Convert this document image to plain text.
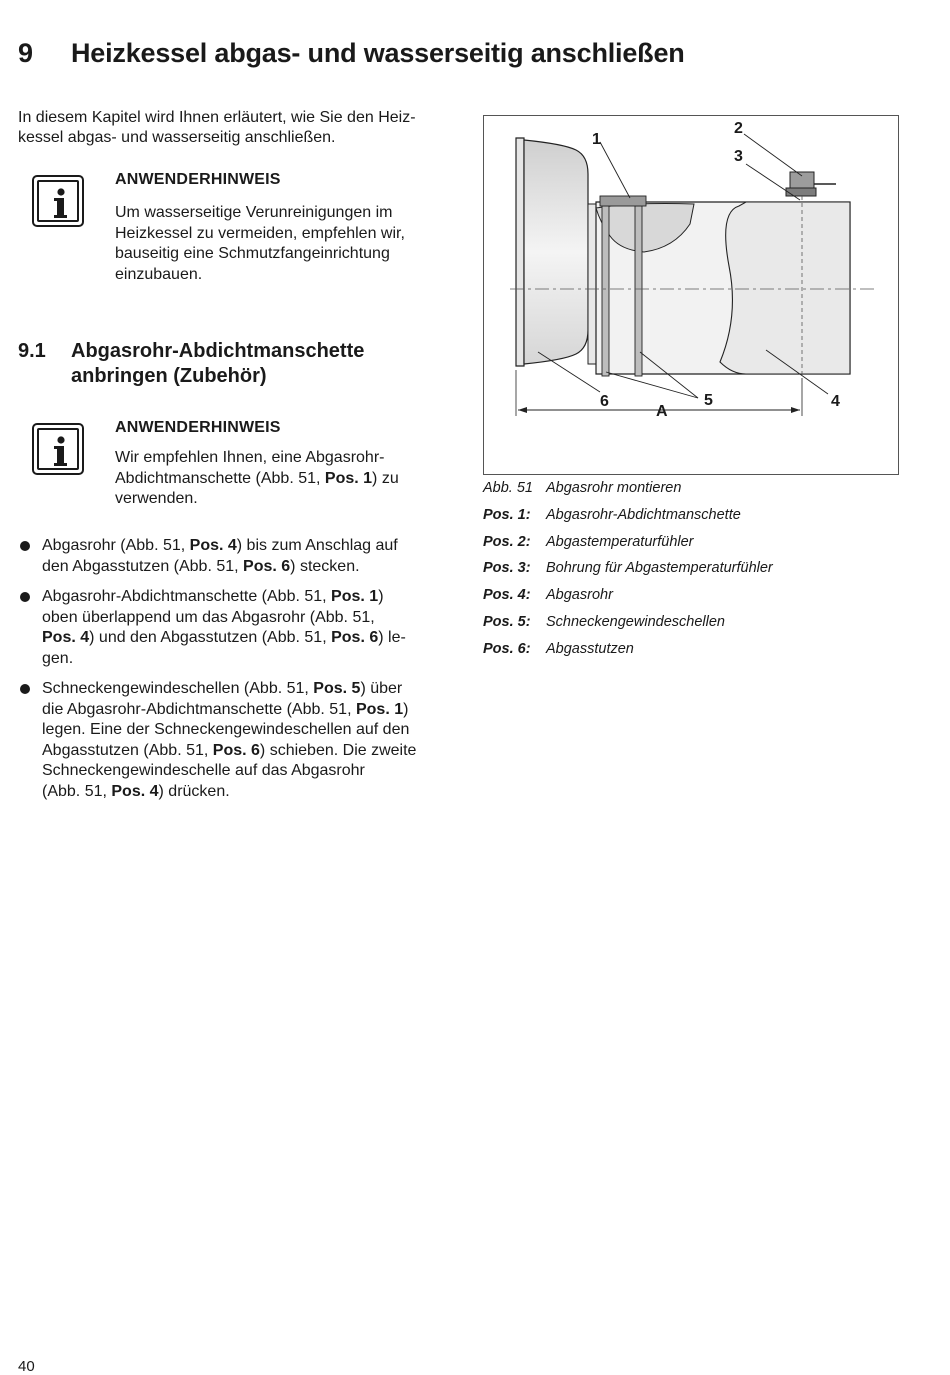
9 Heizkessel abgas- und wasserseitig anschließen
In diesem Kapitel wird Ihnen erläutert, wie Sie den Heiz-
kessel abgas- und wasserseitig anschließen.
ANWENDERHINWEIS
Um wasserseitige Verunreinigungen im
Heizkessel zu vermeiden, empfehlen wir,
bauseitig eine Schmutzfangeinrichtung
einzubauen.
9.1 Abgasrohr-Abdichtmanschette
anbringen (Zubehör)
ANWENDERHINWEIS
Wir empfehlen Ihnen, eine Abgasrohr-
Abdichtmanschette (Abb. 51, Pos. 1) zu
verwenden.
Abgasrohr (Abb. 51, Pos. 4) bis zum Anschlag auf
den Abgasstutzen (Abb. 51, Pos. 6) stecken.
Abgasrohr-Abdichtmanschette (Abb. 51, Pos. 1)
oben überlappend um das Abgasrohr (Abb. 51,
Pos. 4) und den Abgasstutzen (Abb. 51, Pos. 6) le-
gen.
Schneckengewindeschellen (Abb. 51, Pos. 5) über
die Abgasrohr-Abdichtmanschette (Abb. 51, Pos. 1)
legen. Eine der Schneckengewindeschellen auf den
Abgasstutzen (Abb. 51, Pos. 6) schieben. Die zweite
Schneckengewindeschelle auf das Abgasrohr
(Abb. 51, Pos. 4) drücken.
1
2
3
4
5
6
A
Abb. 51 Abgasrohr montieren
Pos. 1: Abgasrohr-Abdichtmanschette
Pos. 2: Abgastemperaturfühler
Pos. 3: Bohrung für Abgastemperaturfühler
Pos. 4: Abgasrohr
Pos. 5: Schneckengewindeschellen
Pos. 6: Abgasstutzen
40
